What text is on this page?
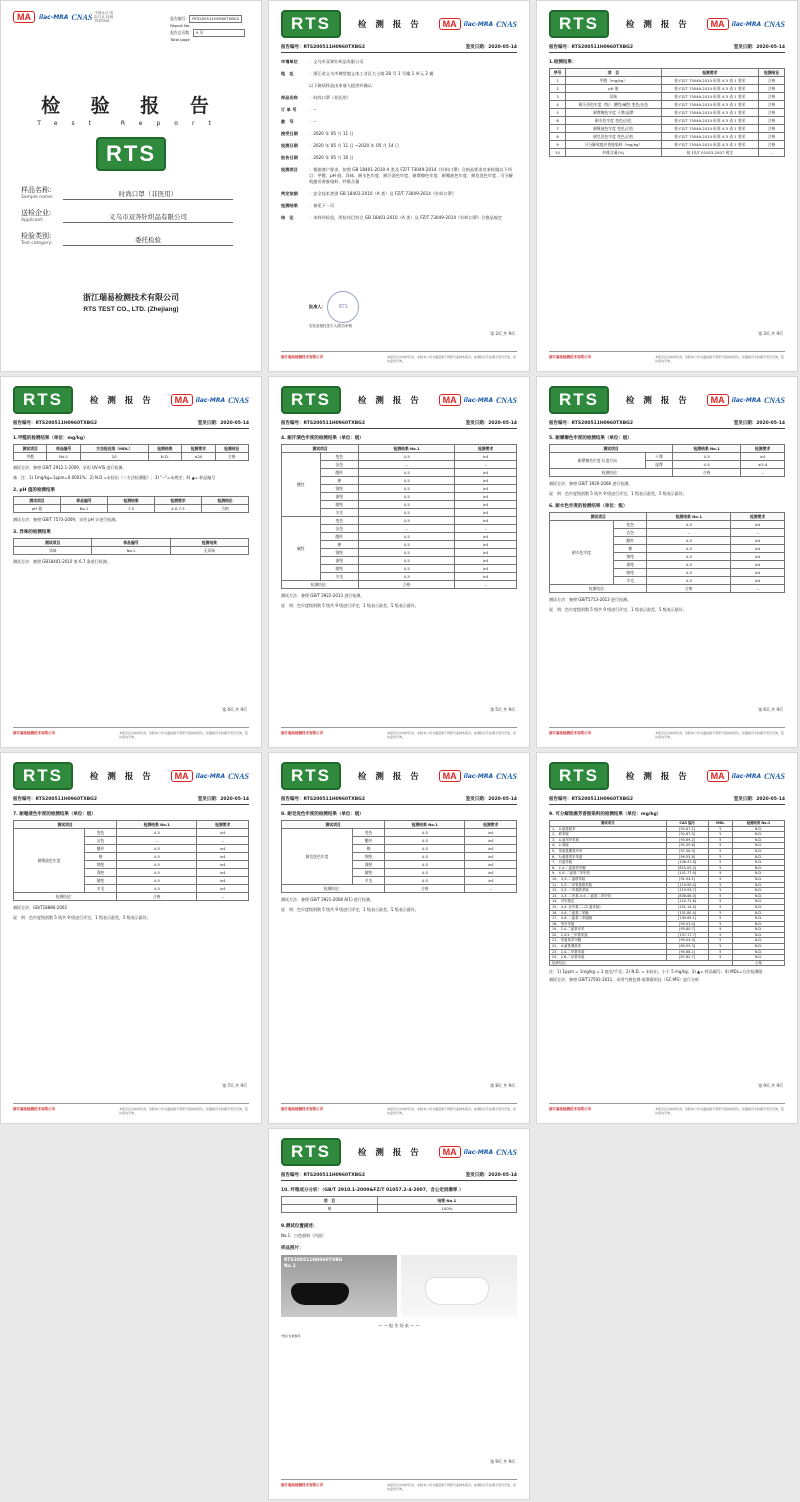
MA	ilac-MRA CNAS 中国认可 国际互认 检测 TESTING	报告编号： RTS200511H0960TXBG2
Report No.
报告总页数： 9 页
Total page
检 验 报 告
Test Report
RTS
样品名称:
Sample name:	时尚口罩（非医用）
送检企业:
Applicant:	义乌市双奔针织品有限公司
检验类别:
Test category:	委托检验
浙江瑞易检测技术有限公司
RTS TEST CO., LTD. (Zhejiang)
RTS	检 测 报 告	MA	ilac-MRA CNAS
报告编号：RTS200511H0960TXBG2	签发日期：2020-05-14
申请单位	：义乌市双奔针织品有限公司
地　址	：浙江省义乌市佛堂镇义南工业区大士路 28 号 1 号楼 1 单元 2 楼
以下测试样品由申请人提供并确认：
样品名称	：时尚口罩（非医用）
订 单 号	：--
款　号	：--
接受日期	：2020 年 05 月 11 日
检测日期	：2020 年 05 月 11 日 ~2020 年 05 月 14 日
报告日期	：2020 年 05 月 16 日
检测项目	：根据客户要求，按照 GB 18401-2010 A 类及 FZ/T 73049-2014《针织口罩》合格品要求对来样做以下项目：甲醛、pH 值、异味、耐水色牢度、耐汗渍色牢度、耐摩擦色牢度、耐唾液色牢度、耐皂洗色牢度、可分解致癌芳香胺染料、纤维含量
判定依据	：安全技术类别 GB 18401-2010（A 类）及 FZ/T 73049-2014《针织口罩》
检测结果	：参见下一页
结　论	：来样经检验，所检项目符合 GB 18401-2010（A 类）及 FZ/T 73049-2014《针织口罩》合格品规定
批准人：	RTS
实验室授权签字人/报告审核
第 2页 共 9页
浙江瑞易检测技术有限公司	本报告仅对来样负责，未经本公司书面批准不得部分复制本报告。检测报告无检测专用章无效，报告涂改无效。
RTS	检 测 报 告	MA	ilac-MRA CNAS
报告编号：RTS200511H0960TXBG2	签发日期：2020-05-14
1.检测结果：
序号	项　目	检测要求	检测结论
1	甲醛（mg/kg）	按 FZ/T 73049-2014 标准 4.3 表 1 要求	合格
2	pH 值	按 FZ/T 73049-2014 标准 4.3 表 1 要求	合格
3	异味	按 FZ/T 73049-2014 标准 4.3 表 1 要求	合格
4	耐汗渍色牢度（级） 酸性/碱性 变色/沾色	按 FZ/T 73049-2014 标准 4.3 表 1 要求	合格
5	耐摩擦色牢度 干摩/湿摩	按 FZ/T 73049-2014 标准 4.3 表 1 要求	合格
6	耐水色牢度 变色/沾色	按 FZ/T 73049-2014 标准 4.3 表 1 要求	合格
7	耐唾液色牢度 变色/沾色	按 FZ/T 73049-2014 标准 4.3 表 1 要求	合格
8	耐皂洗色牢度 变色/沾色	按 FZ/T 73049-2014 标准 4.3 表 1 要求	合格
9	可分解致癌芳香胺染料（mg/kg）	按 FZ/T 73049-2014 标准 4.3 表 1 要求	合格
10	纤维含量(%)	按 FZ/T 01053-2007 规定	--
第 3页 共 9页
浙江瑞易检测技术有限公司	本报告仅对来样负责，未经本公司书面批准不得部分复制本报告。检测报告无检测专用章无效，报告涂改无效。
RTS	检 测 报 告	MA	ilac-MRA CNAS
报告编号：RTS200511H0960TXBG2	签发日期：2020-05-14
1.甲醛的检测结果（单位：mg/kg）
测试项目	样品编号	方法检出限（MDL）	检测结果	检测要求	检测结论
甲醛	No.1	20	N.D.	≤20	合格
测试方法：参照 GB/T 2912.1-2009，采用 UV-VIS 进行检测。
备　注：1) 1mg/kg=1ppm=0.0001%；2) N.D.=未检出（＜方法检测限）；3) "--"=未规定；4) ▲= 样品编号
2. pH 值的检测结果
测试项目	样品编号	检测结果	检测要求	检测结论
pH 值	No.1	7.5	4.0-7.5	合格
测试方法：参照 GB/T 7573-2009，采用 pH 计进行检测。
3. 异味的检测结果
测试项目	样品编号	检测结果
异味	No.1	无异味
测试方法：参照 GB18401-2010 第 6.7 条进行检测。
第 4页 共 9页
浙江瑞易检测技术有限公司	本报告仅对来样负责，未经本公司书面批准不得部分复制本报告。检测报告无检测专用章无效，报告涂改无效。
RTS	检 测 报 告	MA	ilac-MRA CNAS
报告编号：RTS200511H0960TXBG2	签发日期：2020-05-14
4. 耐汗渍色牢度的检测结果（单位：级）
测试项目		检测结果 No.1	检测要求
酸性	变色	4-5	≥4
	沾色	--	--
	醋纤	4-5	≥4
	棉	4-5	≥4
	锦纶	4-5	≥4
	涤纶	4-5	≥4
	腈纶	4-5	≥4
	羊毛	4-5	≥4
碱性	变色	4-5	≥4
	沾色	--	--
	醋纤	4-5	≥4
	棉	4-5	≥4
	锦纶	4-5	≥4
	涤纶	4-5	≥4
	腈纶	4-5	≥4
	羊毛	4-5	≥4
检测结论：		合格	--
测试方法：参照 GB/T 3922-2013 进行检测。
说　明：色牢度级别数 5 级共 9 级进行评定，1 级表示最差，5 级表示最好。
第 5页 共 9页
浙江瑞易检测技术有限公司	本报告仅对来样负责，未经本公司书面批准不得部分复制本报告。检测报告无检测专用章无效，报告涂改无效。
RTS	检 测 报 告	MA	ilac-MRA CNAS
报告编号：RTS200511H0960TXBG2	签发日期：2020-05-14
5. 耐摩擦色牢度的检测结果（单位：级）
测试项目		检测结果 No.1	检测要求
耐摩擦色牢度 长度方向	干摩	4-5	≥4
	湿摩	4-5	≥3-4
检测结论：		合格	--
测试方法：参照 GB/T 3920-2008 进行检测。
说　明：色牢度级别数 5 级共 9 级进行评定，1 级表示最差，5 级表示最好。
6. 耐水色牢度的检测结果（单位：级）
测试项目		检测结果 No.1	检测要求
耐水色牢度	变色	4-5	≥4
	沾色	--	--
	醋纤	4-5	≥4
	棉	4-5	≥4
	锦纶	4-5	≥4
	涤纶	4-5	≥4
	腈纶	4-5	≥4
	羊毛	4-5	≥4
检测结论：		合格	--
测试方法：参照 GB/T5713-2013 进行检测。
说　明：色牢度级别数 5 级共 9 级进行评定，1 级表示最差，5 级表示最好。
第 6页 共 9页
浙江瑞易检测技术有限公司	本报告仅对来样负责，未经本公司书面批准不得部分复制本报告。检测报告无检测专用章无效，报告涂改无效。
RTS	检 测 报 告	MA	ilac-MRA CNAS
报告编号：RTS200511H0960TXBG2	签发日期：2020-05-14
7. 耐唾液色牢度的检测结果（单位：级）
测试项目		检测结果 No.1	检测要求
耐唾液色牢度	变色	4-5	≥4
	沾色	--	--
	醋纤	4-5	≥4
	棉	4-5	≥4
	锦纶	4-5	≥4
	涤纶	4-5	≥4
	腈纶	4-5	≥4
	羊毛	4-5	≥4
检测结论：		合格	--
测试方法：GB/T18886-2002
说　明：色牢度级别数 5 级共 9 级进行评定，1 级表示最差，5 级表示最好。
第 7页 共 9页
浙江瑞易检测技术有限公司	本报告仅对来样负责，未经本公司书面批准不得部分复制本报告。检测报告无检测专用章无效，报告涂改无效。
RTS	检 测 报 告	MA	ilac-MRA CNAS
报告编号：RTS200511H0960TXBG2	签发日期：2020-05-14
8. 耐皂洗色牢度的检测结果（单位：级）
测试项目		检测结果 No.1	检测要求
耐皂洗色牢度	变色	4-5	≥4
	醋纤	4-5	≥4
	棉	4-5	≥4
	锦纶	4-5	≥4
	涤纶	4-5	≥4
	腈纶	4-5	≥4
	羊毛	4-5	≥4
检测结论：		合格	--
测试方法：参照 GB/T 3921-2008 A(1) 进行检测。
说　明：色牢度级别数 5 级共 9 级进行评定，1 级表示最差，5 级表示最好。
第 8页 共 9页
浙江瑞易检测技术有限公司	本报告仅对来样负责，未经本公司书面批准不得部分复制本报告。检测报告无检测专用章无效，报告涂改无效。
RTS	检 测 报 告	MA	ilac-MRA CNAS
报告编号：RTS200511H0960TXBG2	签发日期：2020-05-14
9. 可分解致癌芳香胺染料的检测结果（单位：mg/kg）
测试项目	CAS 编号	MDL	检测结果 No.1
1、 4-氨基联苯	[92-67-1]	5	N.D.
2、 联苯胺	[92-87-5]	5	N.D.
3、 4-氯邻甲苯胺	[95-69-2]	5	N.D.
4、 2-萘胺	[91-59-8]	5	N.D.
5、 邻氨基偶氮甲苯	[97-56-3]	5	N.D.
6、 5-硝基邻甲苯胺	[99-55-8]	5	N.D.
7、 对氯苯胺	[106-47-8]	5	N.D.
8、 2,4-二氨基苯甲醚	[615-05-4]	5	N.D.
9、 4,4'-二氨基二苯甲烷	[101-77-9]	5	N.D.
10、 3,3'-二氯联苯胺	[91-94-1]	5	N.D.
11、 3,3'-二甲氧基联苯胺	[119-90-4]	5	N.D.
12、 3,3'-二甲基联苯胺	[119-93-7]	5	N.D.
13、 3,3'-二甲基-4,4'-二氨基二苯甲烷	[838-88-0]	5	N.D.
14、 对甲酚定	[120-71-8]	5	N.D.
15、 4,4'-亚甲基-二-(2-氯苯胺)	[101-14-4]	5	N.D.
16、 4,4'-二氨基二苯醚	[101-80-4]	5	N.D.
17、 4,4'-二氨基二苯硫醚	[139-65-1]	5	N.D.
18、 邻甲苯胺	[95-53-4]	5	N.D.
19、 2,4-二氨基甲苯	[95-80-7]	5	N.D.
20、 2,4,5-三甲基苯胺	[137-17-7]	5	N.D.
21、 邻氨基苯甲醚	[90-04-0]	5	N.D.
22、 4-氨基偶氮苯	[60-09-3]	5	N.D.
23、 2,4-二甲基苯胺	[95-68-1]	5	N.D.
24、 2,6-二甲基苯胺	[87-62-7]	5	N.D.
检测结论：			合格
注：1) 1ppm = 1mg/kg = 1 毫克/千克；2) N.D. = 未检出，小于 5 mg/kg；3) ▲= 样品编号；4) MDL=方法检测限
测试方法：参照 GB/T17592-2011，采用气相色谱-质谱联用仪（GC-MS）进行分析
第 9页 共 9页
浙江瑞易检测技术有限公司	本报告仅对来样负责，未经本公司书面批准不得部分复制本报告。检测报告无检测专用章无效，报告涂改无效。
RTS	检 测 报 告	MA	ilac-MRA CNAS
报告编号：RTS200511H0960TXBG2	签发日期：2020-05-14
10. 纤维成分分析：（GB/T 2910.1-2009&FZ/T 01057.2-4-2007，含公定回潮率 ）
项　目	结果 No.1
棉	100%
9.测试位置描述：
No.1：白色面料（内面）
样品照片：
RTS200511H0960TXBG
No.1
— — 报 告 结 束 — —
*图片仅供参考
第 9页 共 9页
浙江瑞易检测技术有限公司	本报告仅对来样负责，未经本公司书面批准不得部分复制本报告。检测报告无检测专用章无效，报告涂改无效。
